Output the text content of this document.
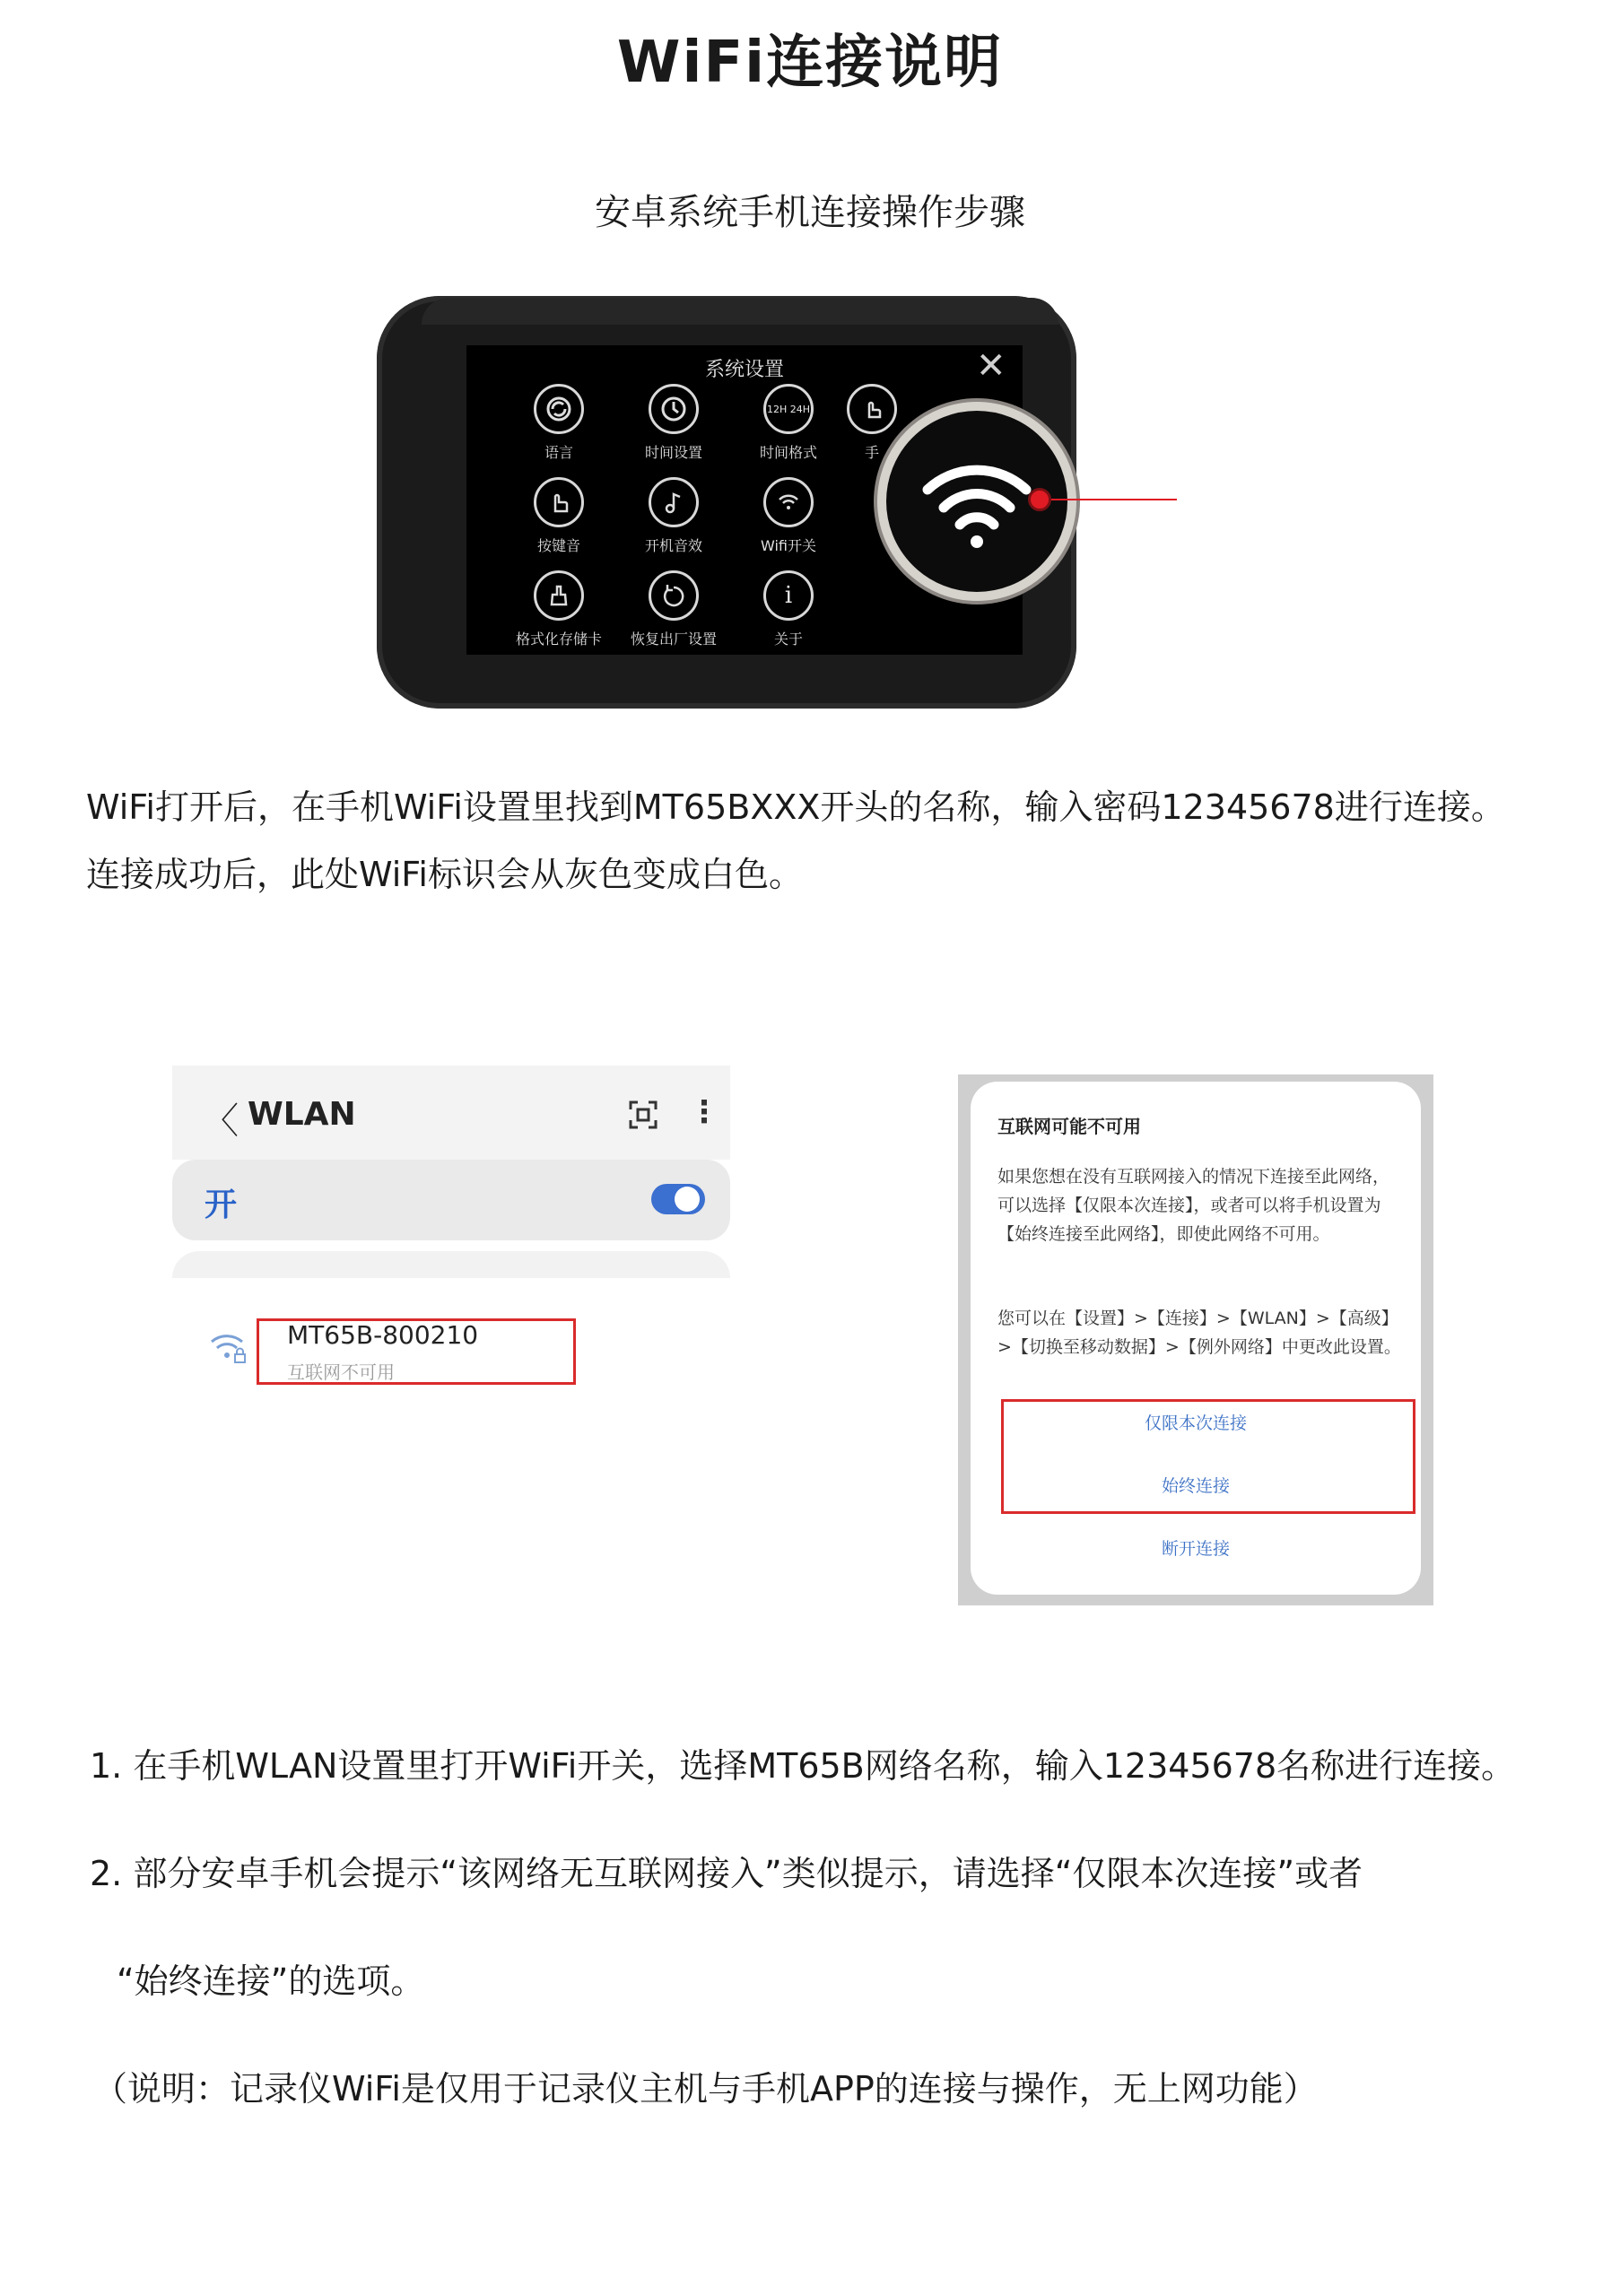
WiFi连接说明
安卓系统手机连接操作步骤
系统设置	✕
语言	时间设置
12H 24H
时间格式	手
按键音	开机音效	Wifi开关
格式化存储卡	恢复出厂设置
i
关于
WiFi打开后，在手机WiFi设置里找到MT65BXXX开头的名称，输入密码12345678进行连接。
连接成功后，此处WiFi标识会从灰色变成白色。
〈 WLAN	⋮
开
MT65B-800210
互联网不可用
互联网可能不可用
如果您想在没有互联网接入的情况下连接至此网络，可以选择【仅限本次连接】，或者可以将手机设置为【始终连接至此网络】，即使此网络不可用。
您可以在【设置】>【连接】>【WLAN】>【高级】>【切换至移动数据】>【例外网络】中更改此设置。
仅限本次连接
始终连接
断开连接
1. 在手机WLAN设置里打开WiFi开关，选择MT65B网络名称，输入12345678名称进行连接。
2. 部分安卓手机会提示“该网络无互联网接入”类似提示，请选择“仅限本次连接”或者
“始终连接”的选项。
（说明：记录仪WiFi是仅用于记录仪主机与手机APP的连接与操作，无上网功能）
